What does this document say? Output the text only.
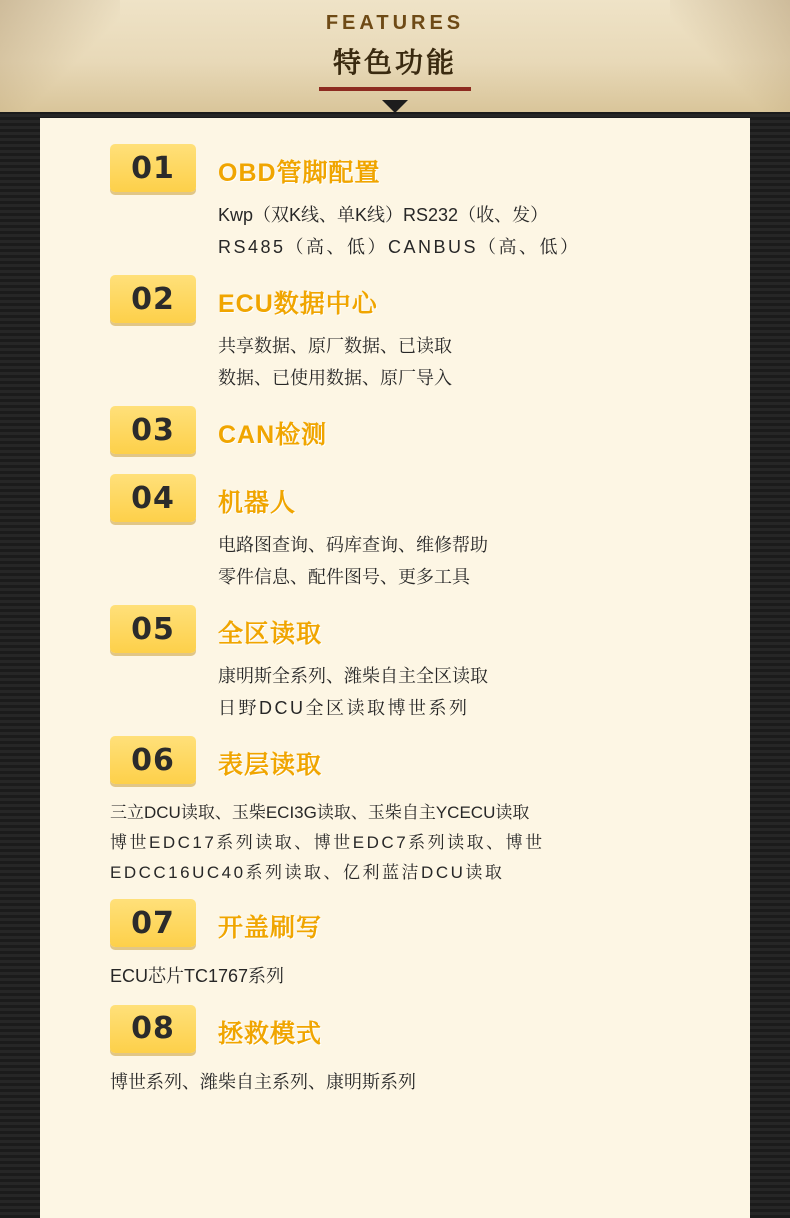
FEATURES
特色功能
01 OBD管脚配置
Kwp（双K线、单K线）RS232（收、发）
RS485（高、低）CANBUS（高、低）
02 ECU数据中心
共享数据、原厂数据、已读取
数据、已使用数据、原厂导入
03 CAN检测
04 机器人
电路图查询、码库查询、维修帮助
零件信息、配件图号、更多工具
05 全区读取
康明斯全系列、潍柴自主全区读取
日野DCU全区读取博世系列
06 表层读取
三立DCU读取、玉柴ECI3G读取、玉柴自主YCECU读取
博世EDC17系列读取、博世EDC7系列读取、博世
EDCC16UC40系列读取、亿利蓝洁DCU读取
07 开盖刷写
ECU芯片TC1767系列
08 拯救模式
博世系列、潍柴自主系列、康明斯系列
